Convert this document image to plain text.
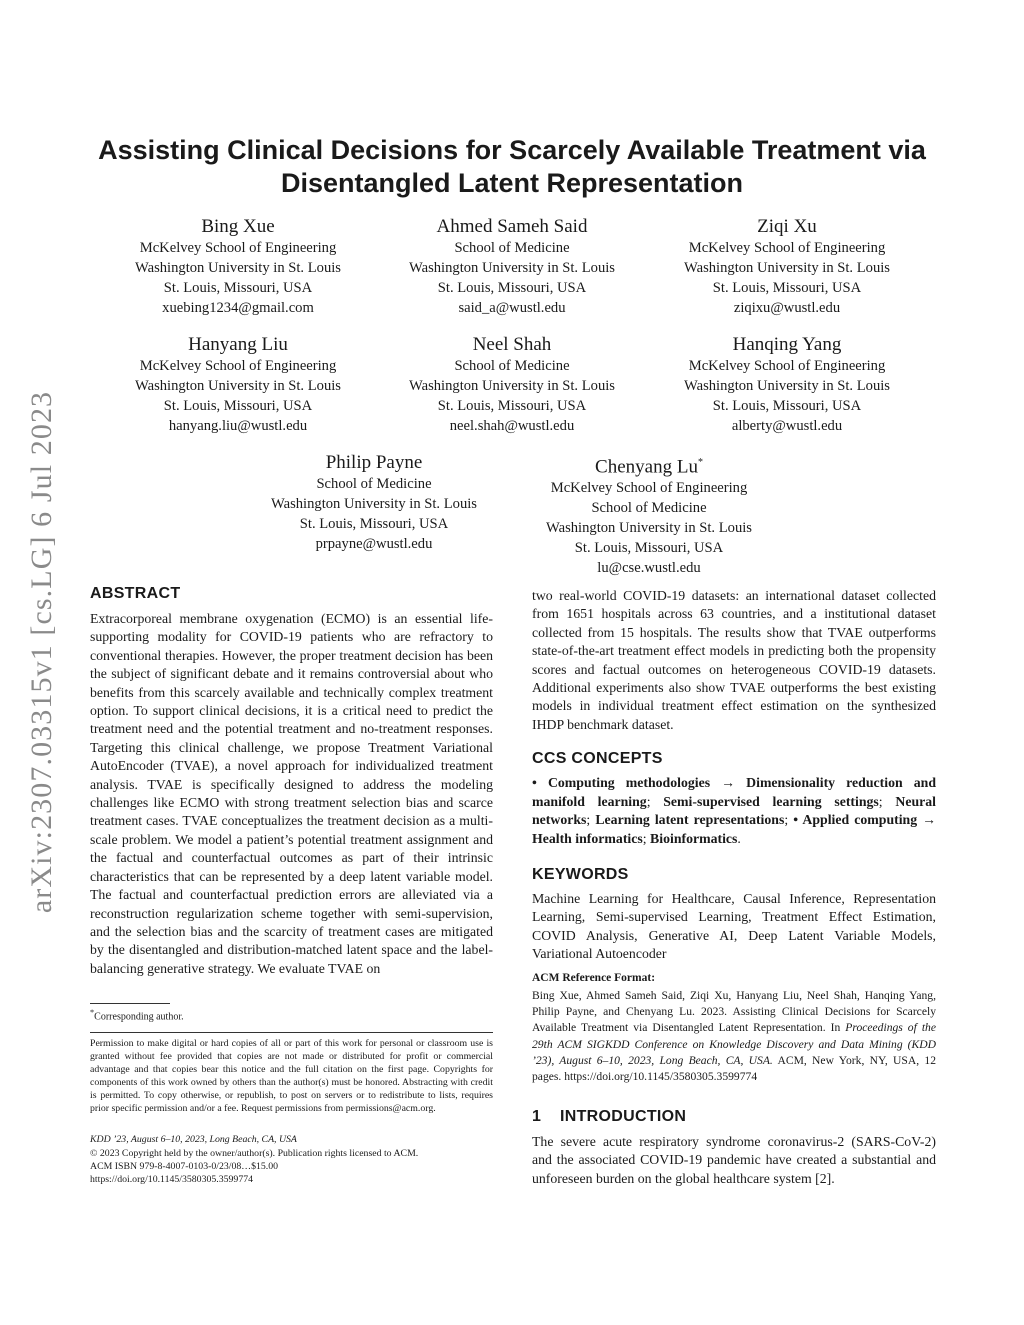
arXiv:2307.03315v1 [cs.LG] 6 Jul 2023
Assisting Clinical Decisions for Scarcely Available Treatment via
Disentangled Latent Representation
Bing Xue
McKelvey School of Engineering
Washington University in St. Louis
St. Louis, Missouri, USA
xuebing1234@gmail.com
Ahmed Sameh Said
School of Medicine
Washington University in St. Louis
St. Louis, Missouri, USA
said_a@wustl.edu
Ziqi Xu
McKelvey School of Engineering
Washington University in St. Louis
St. Louis, Missouri, USA
ziqixu@wustl.edu
Hanyang Liu
McKelvey School of Engineering
Washington University in St. Louis
St. Louis, Missouri, USA
hanyang.liu@wustl.edu
Neel Shah
School of Medicine
Washington University in St. Louis
St. Louis, Missouri, USA
neel.shah@wustl.edu
Hanqing Yang
McKelvey School of Engineering
Washington University in St. Louis
St. Louis, Missouri, USA
alberty@wustl.edu
Philip Payne
School of Medicine
Washington University in St. Louis
St. Louis, Missouri, USA
prpayne@wustl.edu
Chenyang Lu*
McKelvey School of Engineering
School of Medicine
Washington University in St. Louis
St. Louis, Missouri, USA
lu@cse.wustl.edu
ABSTRACT

Extracorporeal membrane oxygenation (ECMO) is an essential life-supporting modality for COVID-19 patients who are refractory to conventional therapies. However, the proper treatment decision has been the subject of significant debate and it remains controversial about who benefits from this scarcely available and technically complex treatment option. To support clinical decisions, it is a critical need to predict the treatment need and the potential treatment and no-treatment responses. Targeting this clinical challenge, we propose Treatment Variational AutoEncoder (TVAE), a novel approach for individualized treatment analysis. TVAE is specifically designed to address the modeling challenges like ECMO with strong treatment selection bias and scarce treatment cases. TVAE conceptualizes the treatment decision as a multi-scale problem. We model a patient’s potential treatment assignment and the factual and counterfactual outcomes as part of their intrinsic characteristics that can be represented by a deep latent variable model. The factual and counterfactual prediction errors are alleviated via a reconstruction regularization scheme together with semi-supervision, and the selection bias and the scarcity of treatment cases are mitigated by the disentangled and distribution-matched latent space and the label-balancing generative strategy. We evaluate TVAE on

*Corresponding author.

Permission to make digital or hard copies of all or part of this work for personal or classroom use is granted without fee provided that copies are not made or distributed for profit or commercial advantage and that copies bear this notice and the full citation on the first page. Copyrights for components of this work owned by others than the author(s) must be honored. Abstracting with credit is permitted. To copy otherwise, or republish, to post on servers or to redistribute to lists, requires prior specific permission and/or a fee. Request permissions from permissions@acm.org.

KDD ’23, August 6–10, 2023, Long Beach, CA, USA

© 2023 Copyright held by the owner/author(s). Publication rights licensed to ACM.

ACM ISBN 979-8-4007-0103-0/23/08…$15.00

https://doi.org/10.1145/3580305.3599774

two real-world COVID-19 datasets: an international dataset collected from 1651 hospitals across 63 countries, and a institutional dataset collected from 15 hospitals. The results show that TVAE outperforms state-of-the-art treatment effect models in predicting both the propensity scores and factual outcomes on heterogeneous COVID-19 datasets. Additional experiments also show TVAE outperforms the best existing models in individual treatment effect estimation on the synthesized IHDP benchmark dataset.

CCS CONCEPTS

• Computing methodologies → Dimensionality reduction and manifold learning; Semi-supervised learning settings; Neural networks; Learning latent representations; • Applied computing → Health informatics; Bioinformatics.

KEYWORDS

Machine Learning for Healthcare, Causal Inference, Representation Learning, Semi-supervised Learning, Treatment Effect Estimation, COVID Analysis, Generative AI, Deep Latent Variable Models, Variational Autoencoder

ACM Reference Format:

Bing Xue, Ahmed Sameh Said, Ziqi Xu, Hanyang Liu, Neel Shah, Hanqing Yang, Philip Payne, and Chenyang Lu. 2023. Assisting Clinical Decisions for Scarcely Available Treatment via Disentangled Latent Representation. In Proceedings of the 29th ACM SIGKDD Conference on Knowledge Discovery and Data Mining (KDD ’23), August 6–10, 2023, Long Beach, CA, USA. ACM, New York, NY, USA, 12 pages. https://doi.org/10.1145/3580305.3599774

1 INTRODUCTION

The severe acute respiratory syndrome coronavirus-2 (SARS-CoV-2) and the associated COVID-19 pandemic have created a substantial and unforeseen burden on the global healthcare system [2].
